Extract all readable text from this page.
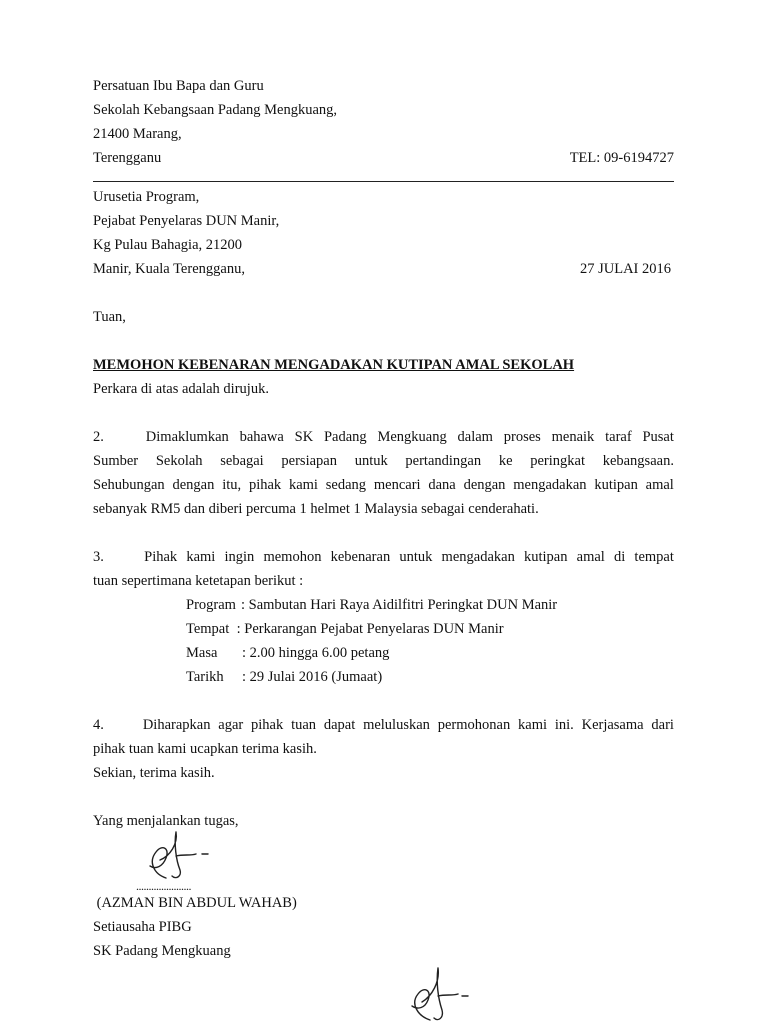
Persatuan Ibu Bapa dan Guru
Sekolah Kebangsaan Padang Mengkuang,
21400 Marang,
Terengganu	TEL: 09-6194727
Urusetia Program,
Pejabat Penyelaras DUN Manir,
Kg Pulau Bahagia, 21200
Manir, Kuala Terengganu,	27 JULAI 2016
Tuan,
MEMOHON KEBENARAN MENGADAKAN KUTIPAN AMAL SEKOLAH
Perkara di atas adalah dirujuk.
2.	Dimaklumkan bahawa SK Padang Mengkuang dalam proses menaik taraf Pusat
Sumber Sekolah sebagai persiapan untuk pertandingan ke peringkat kebangsaan.
Sehubungan dengan itu, pihak kami sedang mencari dana dengan mengadakan kutipan amal
sebanyak RM5 dan diberi percuma 1 helmet 1 Malaysia sebagai cenderahati.
3.	Pihak kami ingin memohon kebenaran untuk mengadakan kutipan amal di tempat
tuan sepertimana ketetapan berikut :
Program : Sambutan Hari Raya Aidilfitri Peringkat DUN Manir
Tempat : Perkarangan Pejabat Penyelaras DUN Manir
Masa	: 2.00 hingga 6.00 petang
Tarikh	: 29 Julai 2016 (Jumaat)
4.	Diharapkan agar pihak tuan dapat meluluskan permohonan kami ini. Kerjasama dari
pihak tuan kami ucapkan terima kasih.
Sekian, terima kasih.
Yang menjalankan tugas,
......................
(AZMAN BIN ABDUL WAHAB)
Setiausaha PIBG
SK Padang Mengkuang
